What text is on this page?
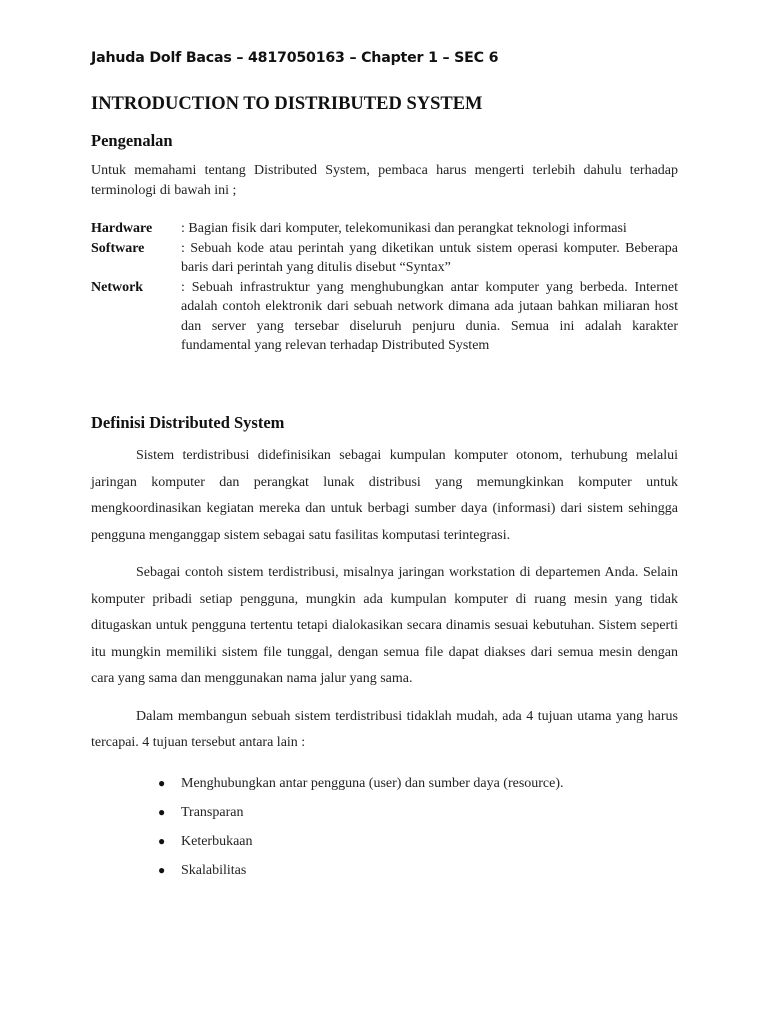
Jahuda Dolf Bacas – 4817050163 – Chapter 1 – SEC 6
INTRODUCTION TO DISTRIBUTED SYSTEM
Pengenalan
Untuk memahami tentang Distributed System, pembaca harus mengerti terlebih dahulu terhadap terminologi di bawah ini ;
Hardware	: Bagian fisik dari komputer, telekomunikasi dan perangkat teknologi informasi
Software	: Sebuah kode atau perintah yang diketikan untuk sistem operasi komputer. Beberapa baris dari perintah yang ditulis disebut “Syntax”
Network	: Sebuah infrastruktur yang menghubungkan antar komputer yang berbeda. Internet adalah contoh elektronik dari sebuah network dimana ada jutaan bahkan miliaran host dan server yang tersebar diseluruh penjuru dunia. Semua ini adalah karakter fundamental yang relevan terhadap Distributed System
Definisi Distributed System

Sistem terdistribusi didefinisikan sebagai kumpulan komputer otonom, terhubung melalui jaringan komputer dan perangkat lunak distribusi yang memungkinkan komputer untuk mengkoordinasikan kegiatan mereka dan untuk berbagi sumber daya (informasi) dari sistem sehingga pengguna menganggap sistem sebagai satu fasilitas komputasi terintegrasi.

Sebagai contoh sistem terdistribusi, misalnya jaringan workstation di departemen Anda. Selain komputer pribadi setiap pengguna, mungkin ada kumpulan komputer di ruang mesin yang tidak ditugaskan untuk pengguna tertentu tetapi dialokasikan secara dinamis sesuai kebutuhan. Sistem seperti itu mungkin memiliki sistem file tunggal, dengan semua file dapat diakses dari semua mesin dengan cara yang sama dan menggunakan nama jalur yang sama.

Dalam membangun sebuah sistem terdistribusi tidaklah mudah, ada 4 tujuan utama yang harus tercapai. 4 tujuan tersebut antara lain :

●	Menghubungkan antar pengguna (user) dan sumber daya (resource).
●	Transparan
●	Keterbukaan
●	Skalabilitas
